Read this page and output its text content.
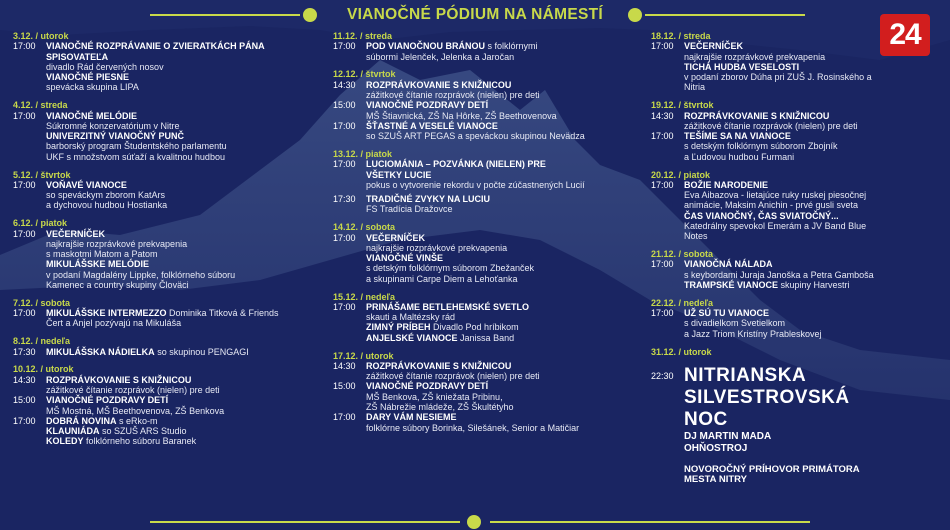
VIANOČNÉ PÓDIUM NA NÁMESTÍ
24
3.12. / utorok
17:00 VIANOČNÉ ROZPRÁVANIE O ZVIERATKÁCH PÁNA SPISOVATEĽA
divadlo Rád červených nosov
VIANOČNÉ PIESNE
spevácka skupina LIPA
4.12. / streda
17:00 VIANOČNÉ MELÓDIE
Súkromné konzervatórium v Nitre
UNIVERZITNÝ VIANOČNÝ PUNČ
barborský program Študentského parlamentu
UKF s množstvom súťaží a kvalitnou hudbou
5.12. / štvrtok
17:00 VOŇAVÉ VIANOCE
so speváckym zborom KatArs
a dychovou hudbou Hostianka
6.12. / piatok
17:00 VEČERNÍČEK
najkrajšie rozprávkové prekvapenia
s maskotmi Matom a Patom
MIKULÁŠSKE MELÓDIE
v podaní Magdalény Lippke, folklórneho súboru
Kamenec a country skupiny Človäci
7.12. / sobota
17:00 MIKULÁŠSKE INTERMEZZO Dominika Titková & Friends
Čert a Anjel pozývajú na Mikuláša
8.12. / nedeľa
17:30 MIKULÁŠSKA NÁDIELKA so skupinou PENGAGI
10.12. / utorok
14:30 ROZPRÁVKOVANIE S KNIŽNICOU
zážitkové čítanie rozprávok (nielen) pre deti
15:00 VIANOČNÉ POZDRAVY DETÍ
MŠ Mostná, MŠ Beethovenova, ZŠ Benkova
17:00 DOBRÁ NOVINA s eRko-m
KLAUNIÁDA so SZUŠ ARS Studio
KOLEDY folklórneho súboru Baranek
11.12. / streda
17:00 POD VIANOČNOU BRÁNOU s folklórnymi
súbormi Jelenček, Jelenka a Jaročan
12.12. / štvrtok
14:30 ROZPRÁVKOVANIE S KNIŽNICOU
zážitkové čítanie rozprávok (nielen) pre deti
15:00 VIANOČNÉ POZDRAVY DETÍ
MŠ Štiavnická, ZŠ Na Hôrke, ZŠ Beethovenova
17:00 ŠŤASTNÉ A VESELÉ VIANOCE
so SZUŠ ART PEGAS a speváckou skupinou Nevädza
13.12. / piatok
17:00 LUCIOMÁNIA – POZVÁNKA (NIELEN) PRE VŠETKY LUCIE
pokus o vytvorenie rekordu v počte zúčastnených Lucií
17:30 TRADIČNÉ ZVYKY NA LUCIU
FS Tradícia Dražovce
14.12. / sobota
17:00 VEČERNÍČEK
najkrajšie rozprávkové prekvapenia
VIANOČNÉ VINŠE
s detským folklórnym súborom Zbežanček
a skupinami Carpe Diem a Lehoťanka
15.12. / nedeľa
17:00 PRINÁŠAME BETLEHEMSKÉ SVETLO
skauti a Maltézsky rád
ZIMNÝ PRÍBEH Divadlo Pod hríbikom
ANJELSKÉ VIANOCE Janissa Band
17.12. / utorok
14:30 ROZPRÁVKOVANIE S KNIŽNICOU
zážitkové čítanie rozprávok (nielen) pre deti
15:00 VIANOČNÉ POZDRAVY DETÍ
MŠ Benkova, ZŠ kniežata Pribinu,
ZŠ Nábrežie mládeže, ZŠ Škultétyho
17:00 DARY VÁM NESIEME
folklórne súbory Borinka, Silešánek, Senior a Matičiar
18.12. / streda
17:00 VEČERNÍČEK
najkrajšie rozprávkové prekvapenia
TICHÁ HUDBA VESELOSTI
v podaní zborov Dúha pri ZUŠ J. Rosinského a Nitria
19.12. / štvrtok
14:30 ROZPRÁVKOVANIE S KNIŽNICOU
zážitkové čítanie rozprávok (nielen) pre deti
17:00 TEŠÍME SA NA VIANOCE
s detským folklórnym súborom Zbojník
a Ľudovou hudbou Furmani
20.12. / piatok
17:00 BOŽIE NARODENIE
Eva Aibazova - lietajúce ruky ruskej piesočnej
animácie, Maksim Anichin - prvé gusli sveta
ČAS VIANOČNÝ, ČAS SVIATOČNÝ...
Katedrálny spevokol Emerám a JV Band Blue Notes
21.12. / sobota
17:00 VIANOČNÁ NÁLADA
s keybordami Juraja Janoška a Petra Gamboša
TRAMPSKÉ VIANOCE skupiny Harvestri
22.12. / nedeľa
17:00 UŽ SÚ TU VIANOCE
s divadielkom Svetielkom
a Jazz Triom Kristíny Prableskovej
31.12. / utorok
22:30 NITRIANSKA
SILVESTROVSKÁ NOC
DJ MARTIN MADA
OHŇOSTROJ
NOVOROČNÝ PRÍHOVOR PRIMÁTORA MESTA NITRY
